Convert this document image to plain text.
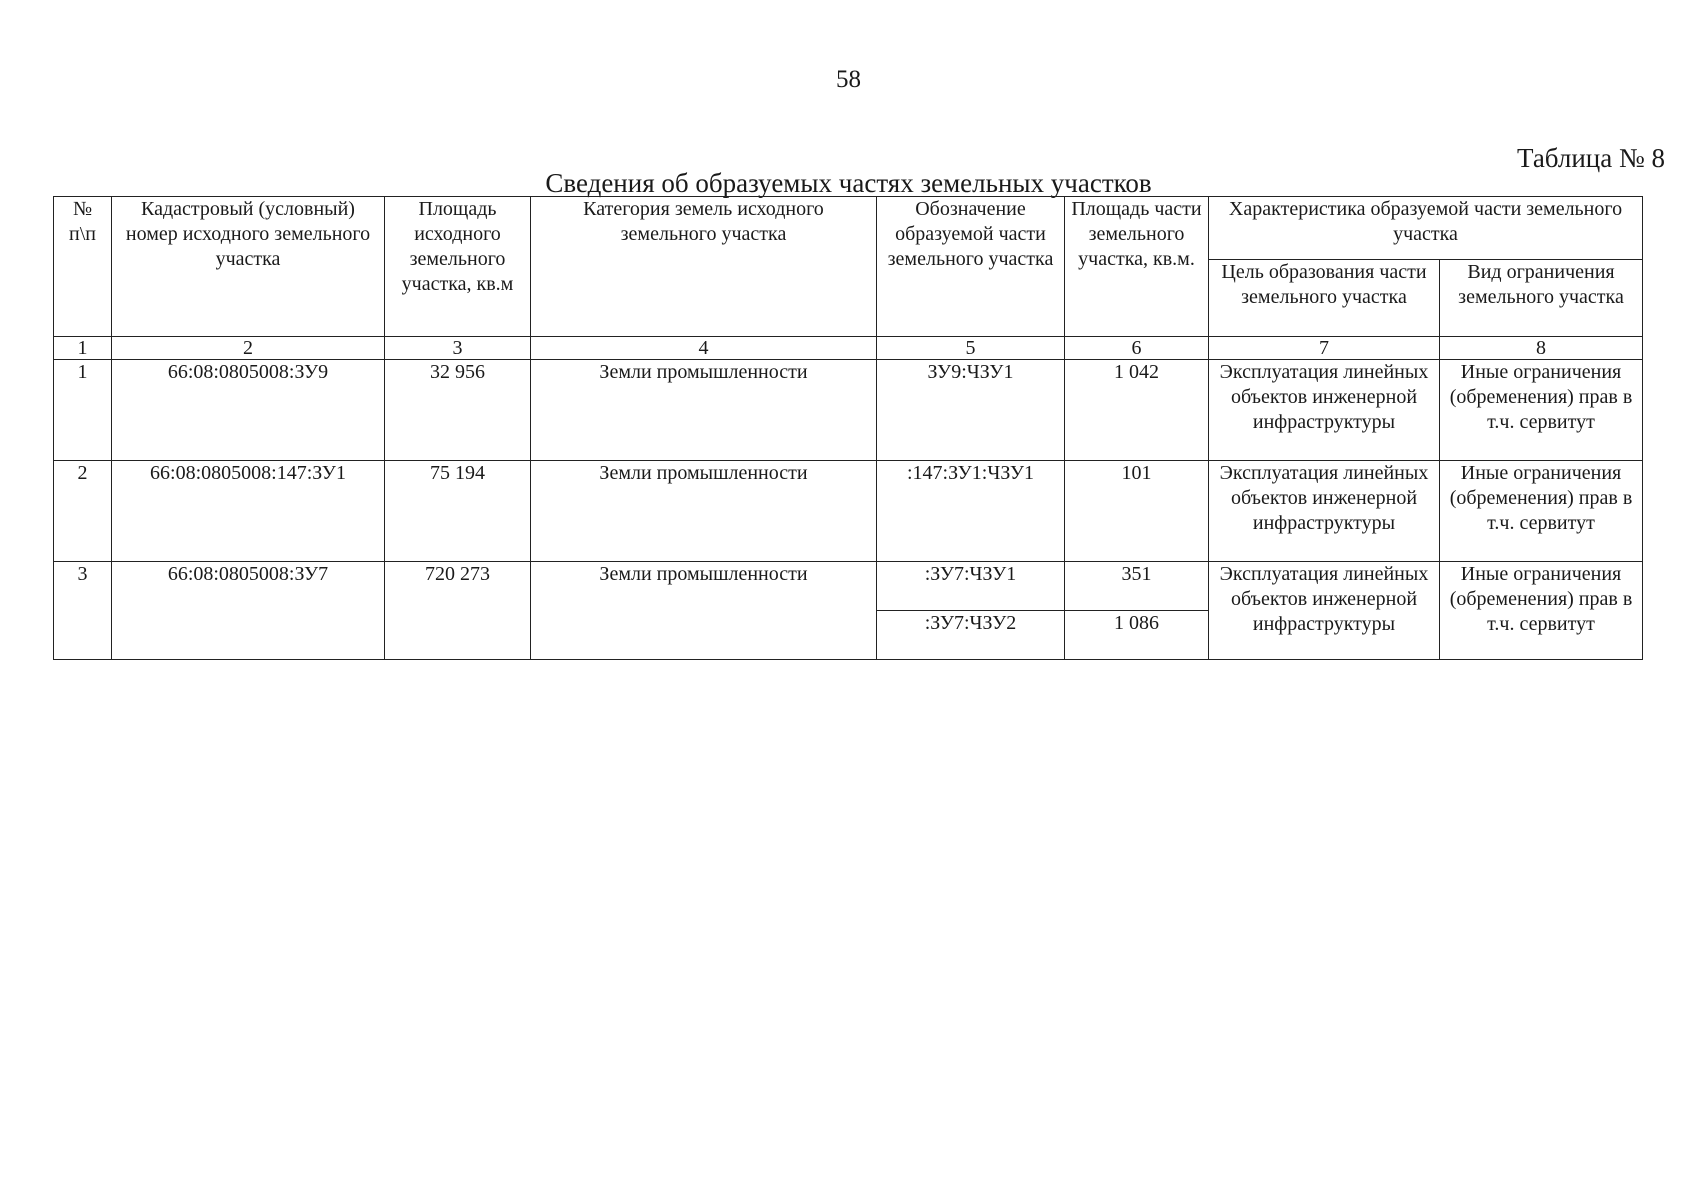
58
Таблица № 8
Сведения об образуемых частях земельных участков
№ п\п	Кадастровый (условный) номер исходного земельного участка	Площадь исходного земельного участка, кв.м	Категория земель исходного земельного участка	Обозначение образуемой части земельного участка	Площадь части земельного участка, кв.м.	Характеристика образуемой части земельного участка	
						Цель образования части земельного участка	Вид ограничения земельного участка
1	2	3	4	5	6	7	8
1	66:08:0805008:ЗУ9	32 956	Земли промышленности	ЗУ9:ЧЗУ1	1 042	Эксплуатация линейных объектов инженерной инфраструктуры	Иные ограничения (обременения) прав в т.ч. сервитут
2	66:08:0805008:147:ЗУ1	75 194	Земли промышленности	:147:ЗУ1:ЧЗУ1	101	Эксплуатация линейных объектов инженерной инфраструктуры	Иные ограничения (обременения) прав в т.ч. сервитут
3	66:08:0805008:ЗУ7	720 273	Земли промышленности	:ЗУ7:ЧЗУ1	351	Эксплуатация линейных объектов инженерной инфраструктуры	Иные ограничения (обременения) прав в т.ч. сервитут
				:ЗУ7:ЧЗУ2	1 086		
